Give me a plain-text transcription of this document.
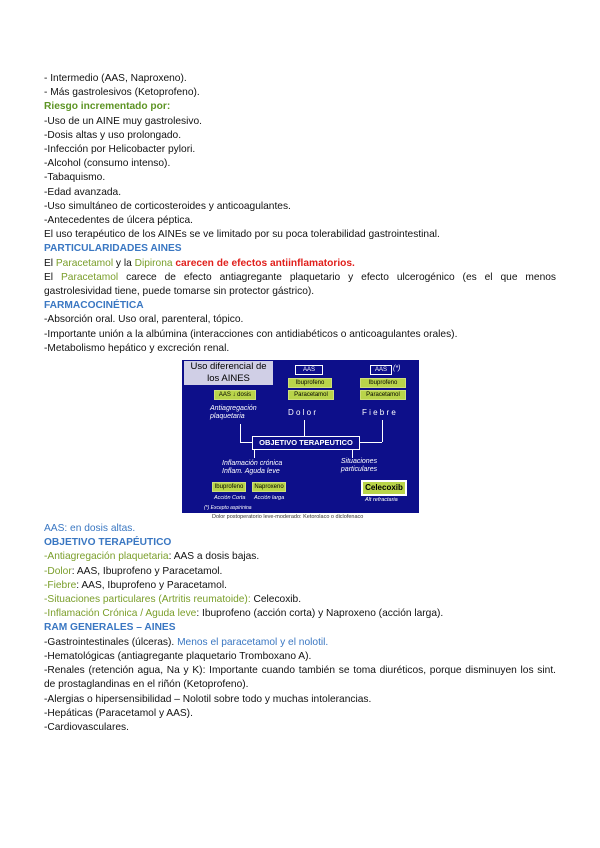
- Intermedio (AAS, Naproxeno).
- Más gastrolesivos (Ketoprofeno).
Riesgo incrementado por:
-Uso de un AINE muy gastrolesivo.
-Dosis altas y uso prolongado.
-Infección por Helicobacter pylori.
-Alcohol (consumo intenso).
-Tabaquismo.
-Edad avanzada.
-Uso simultáneo de corticosteroides y anticoagulantes.
-Antecedentes de úlcera péptica.
El uso terapéutico de los AINEs se ve limitado por su poca tolerabilidad gastrointestinal.
PARTICULARIDADES AINES
El Paracetamol y la Dipirona carecen de efectos antiinflamatorios.
El Paracetamol carece de efecto antiagregante plaquetario y efecto ulcerogénico (es el que menos gastrolesividad tiene, puede tomarse sin protector gástrico).
FARMACOCINÉTICA
-Absorción oral. Uso oral, parenteral, tópico.
-Importante unión a la albúmina (interacciones con antidiabéticos o anticoagulantes orales).
-Metabolismo hepático y excreción renal.
Uso diferencial de los AINES
AAS	AAS (*)
Ibuprofeno	Ibuprofeno
AAS ↓ dosis	Paracetamol	Paracetamol
Antiagregación plaquetaria	D o l o r	F i e b r e
OBJETIVO TERAPEUTICO
Inflamación crónica Inflam. Aguda leve
Situaciones particulares
Ibuprofeno	Naproxeno
Acción Corta Acción larga
Celecoxib
Alt refractaria
(*) Excepto aspirinina
Dolor postoperatorio leve-moderado: Ketorolaco o diclofenaco
AAS: en dosis altas.
OBJETIVO TERAPÉUTICO
-Antiagregación plaquetaria: AAS a dosis bajas.
-Dolor: AAS, Ibuprofeno y Paracetamol.
-Fiebre: AAS, Ibuprofeno y Paracetamol.
-Situaciones particulares (Artritis reumatoide): Celecoxib.
-Inflamación Crónica / Aguda leve: Ibuprofeno (acción corta) y Naproxeno (acción larga).
RAM GENERALES – AINES
-Gastrointestinales (úlceras). Menos el paracetamol y el nolotil.
-Hematológicas (antiagregante plaquetario Tromboxano A).
-Renales (retención agua, Na y K): Importante cuando también se toma diuréticos, porque disminuyen los sint. de prostaglandinas en el riñón (Ketoprofeno).
-Alergias o hipersensibilidad – Nolotil sobre todo y muchas intolerancias.
-Hepáticas (Paracetamol y AAS).
-Cardiovasculares.
